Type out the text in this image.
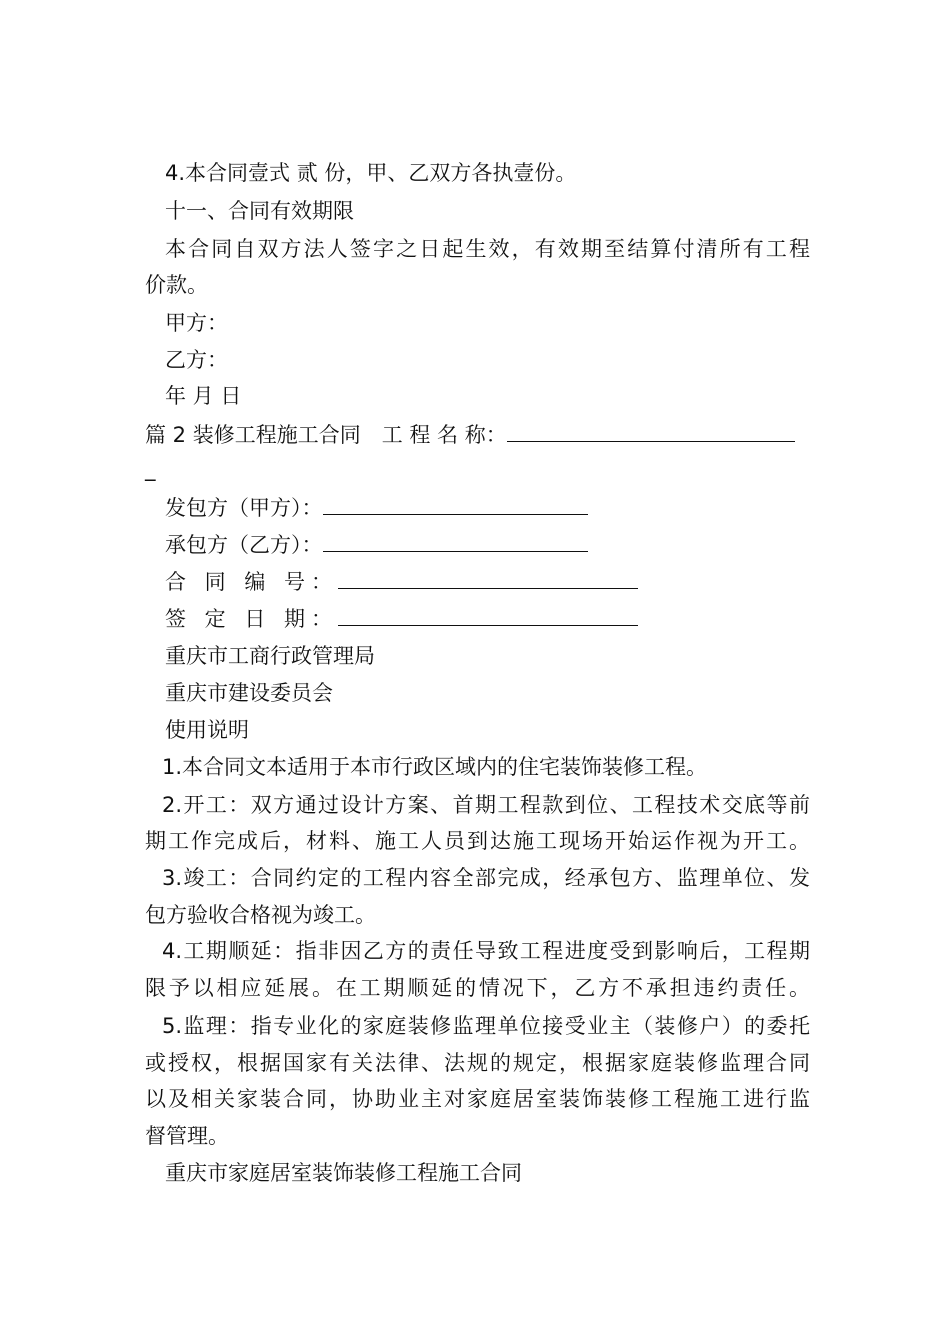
4.本合同壹式 贰 份，甲、乙双方各执壹份。
十一、合同有效期限
本合同自双方法人签字之日起生效，有效期至结算付清所有工程
价款。
甲方：
乙方：
年 月 日
篇 2 装修工程施工合同　工 程 名 称：
_
发包方（甲方）：
承包方（乙方）：
合 同 编 号：
签 定 日 期：
重庆市工商行政管理局
重庆市建设委员会
使用说明
1.本合同文本适用于本市行政区域内的住宅装饰装修工程。
2.开工：双方通过设计方案、首期工程款到位、工程技术交底等前
期工作完成后，材料、施工人员到达施工现场开始运作视为开工。
3.竣工：合同约定的工程内容全部完成，经承包方、监理单位、发
包方验收合格视为竣工。
4.工期顺延：指非因乙方的责任导致工程进度受到影响后，工程期
限予以相应延展。在工期顺延的情况下，乙方不承担违约责任。
5.监理：指专业化的家庭装修监理单位接受业主（装修户）的委托
或授权，根据国家有关法律、法规的规定，根据家庭装修监理合同
以及相关家装合同，协助业主对家庭居室装饰装修工程施工进行监
督管理。
重庆市家庭居室装饰装修工程施工合同
